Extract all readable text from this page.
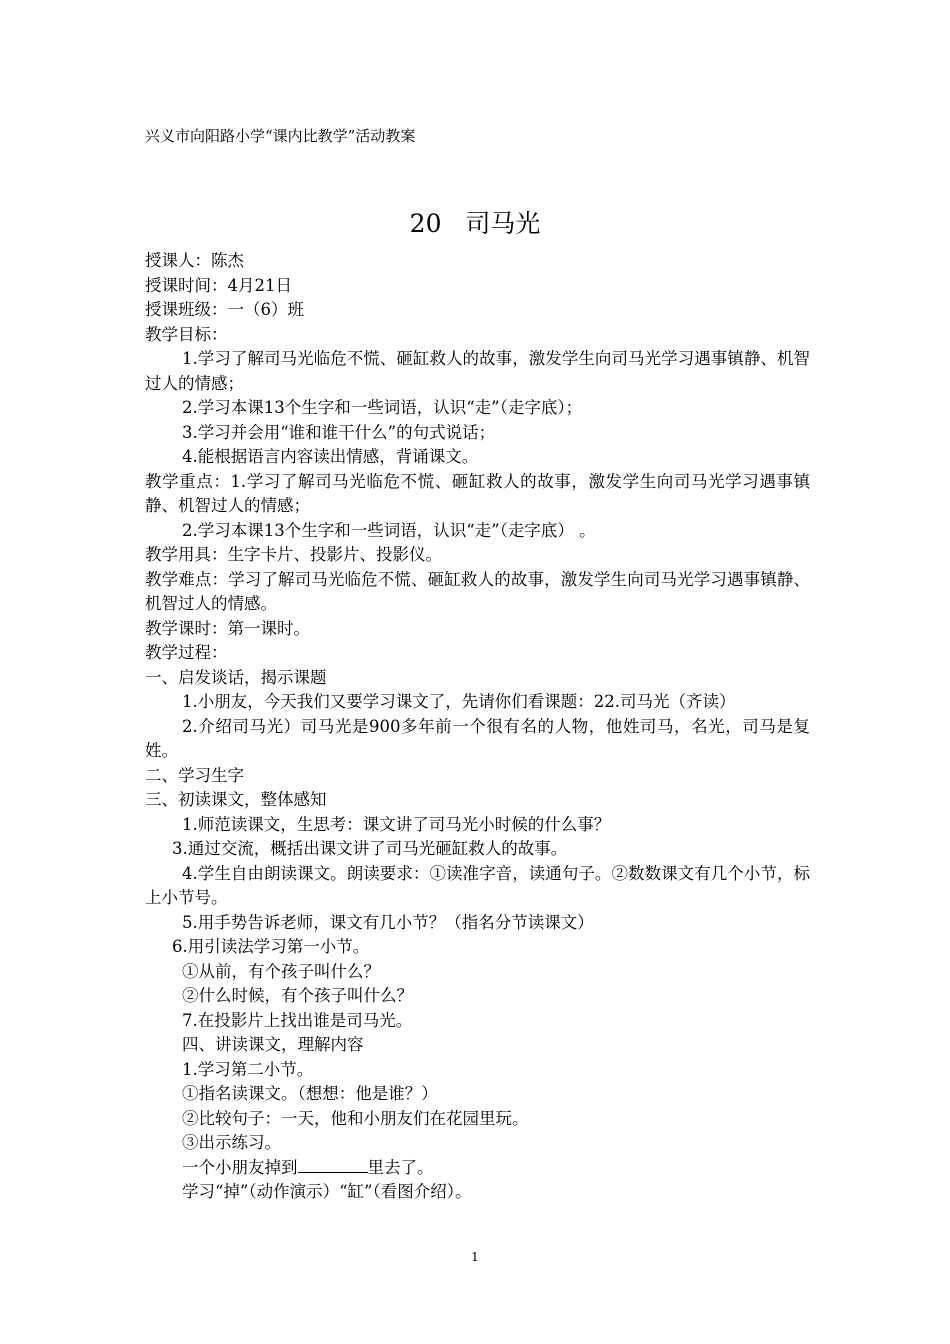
兴义市向阳路小学“课内比教学”活动教案
20   司马光

授课人：陈杰

授课时间：4月21日

授课班级：一（6）班

教学目标：

1.学习了解司马光临危不慌、砸缸救人的故事，激发学生向司马光学习遇事镇静、机智过人的情感；

2.学习本课13个生字和一些词语，认识“走”（走字底）；

3.学习并会用“谁和谁干什么”的句式说话；

4.能根据语言内容读出情感，背诵课文。

教学重点：1.学习了解司马光临危不慌、砸缸救人的故事，激发学生向司马光学习遇事镇静、机智过人的情感；

2.学习本课13个生字和一些词语，认识“走”（走字底） 。

教学用具：生字卡片、投影片、投影仪。

教学难点：学习了解司马光临危不慌、砸缸救人的故事，激发学生向司马光学习遇事镇静、机智过人的情感。

教学课时：第一课时。

教学过程：

一、启发谈话，揭示课题

1.小朋友，今天我们又要学习课文了，先请你们看课题：22.司马光（齐读）

2.介绍司马光）司马光是900多年前一个很有名的人物，他姓司马，名光，司马是复姓。

二、学习生字

三、初读课文，整体感知

1.师范读课文，生思考：课文讲了司马光小时候的什么事？

3.通过交流，概括出课文讲了司马光砸缸救人的故事。

4.学生自由朗读课文。朗读要求：①读准字音，读通句子。②数数课文有几个小节，标上小节号。

5.用手势告诉老师，课文有几小节？（指名分节读课文）

6.用引读法学习第一小节。

①从前，有个孩子叫什么？

②什么时候，有个孩子叫什么？

7.在投影片上找出谁是司马光。

四、讲读课文，理解内容

1.学习第二小节。

①指名读课文。（想想：他是谁？）

②比较句子：一天，他和小朋友们在花园里玩。

③出示练习。

一个小朋友掉到	里去了。

学习“掉”（动作演示）“缸”（看图介绍）。

1
